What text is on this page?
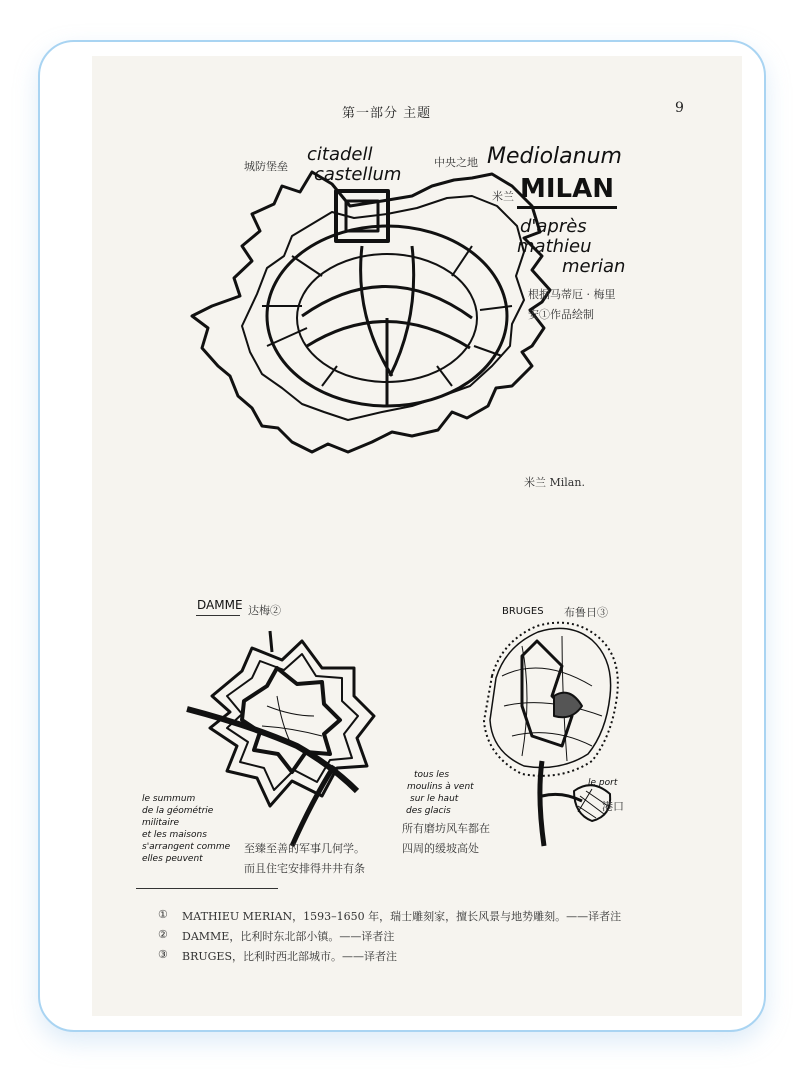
第一部分 主题	9
城防堡垒
citadell
castellum
中央之地 Mediolanum
米兰 MILAN
d'après
mathieu
merian
根据马蒂厄 · 梅里
安①作品绘制
米兰 Milan.
DAMME 达梅②
le summum
de la géométrie
militaire
et les maisons
s'arrangent comme
elles peuvent
至臻至善的军事几何学。
而且住宅安排得井井有条
BRUGES 布鲁日③
tous les
moulins à vent
sur le haut
des glacis
le port
港口
所有磨坊风车都在
四周的缓坡高处
① MATHIEU MERIAN，1593–1650 年，瑞士雕刻家，擅长风景与地势雕刻。——译者注
② DAMME，比利时东北部小镇。——译者注
③ BRUGES，比利时西北部城市。——译者注
